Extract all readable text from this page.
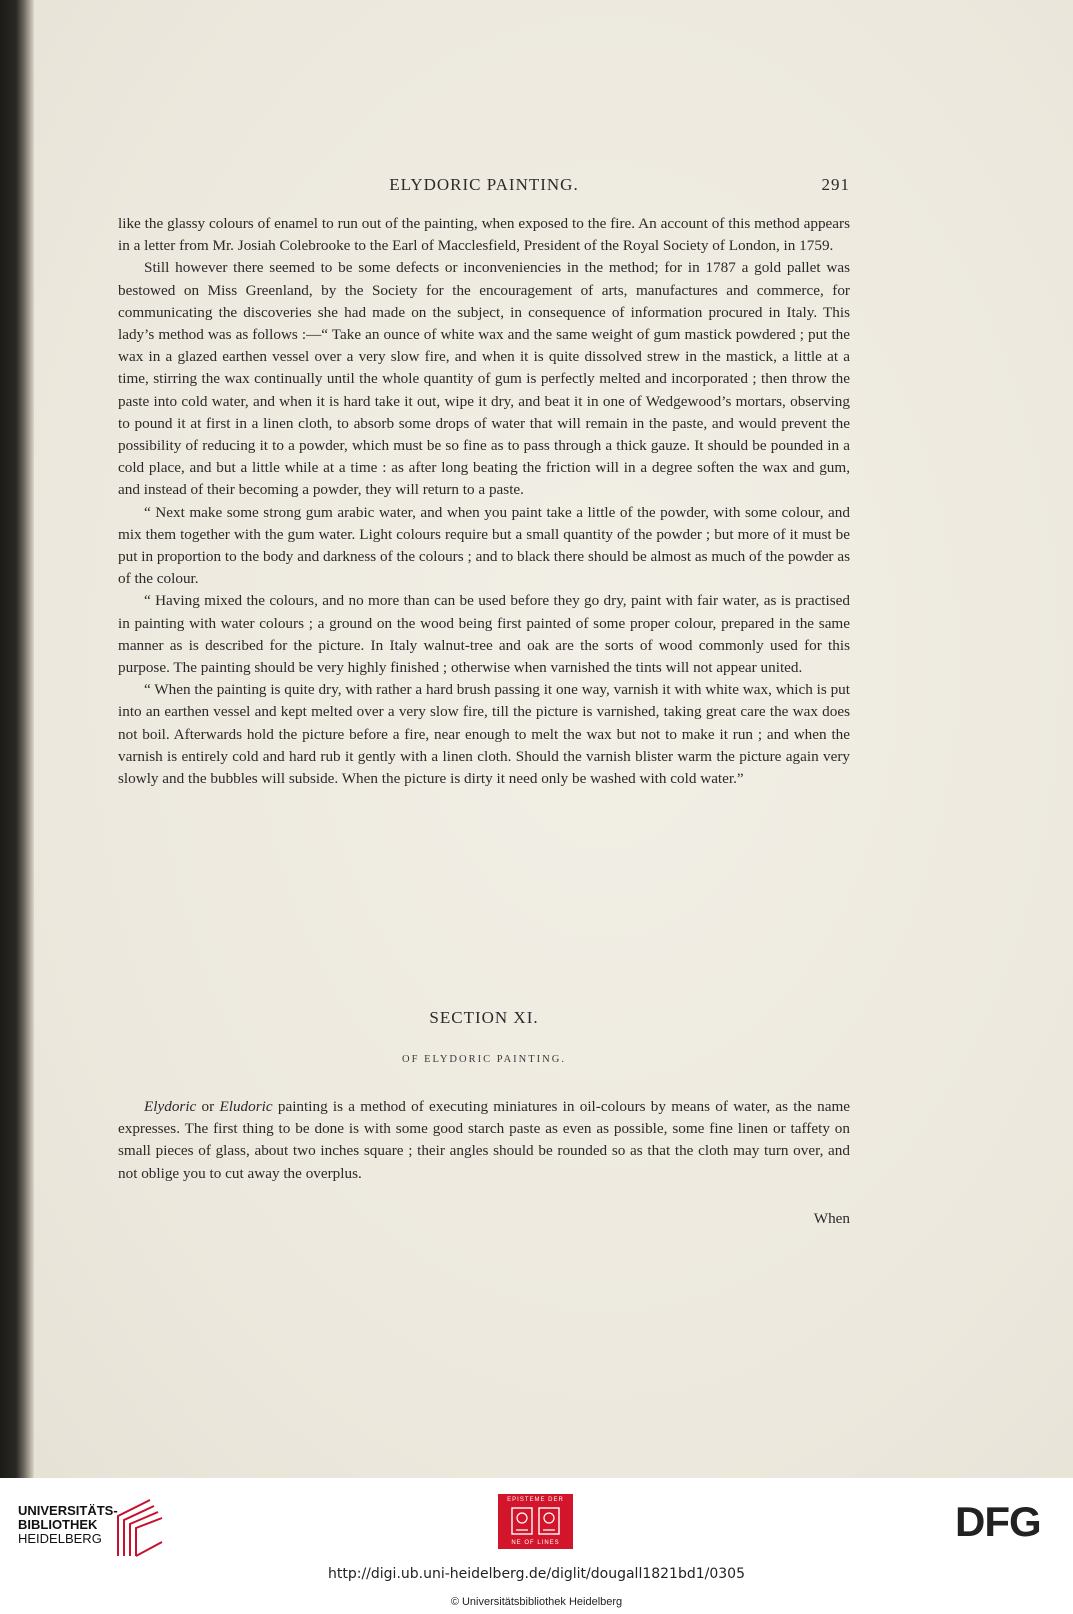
ELYDORIC PAINTING.	291

like the glassy colours of enamel to run out of the painting, when exposed to the fire. An account of this method appears in a letter from Mr. Josiah Colebrooke to the Earl of Macclesfield, President of the Royal Society of London, in 1759.

Still however there seemed to be some defects or inconveniencies in the method; for in 1787 a gold pallet was bestowed on Miss Greenland, by the Society for the encouragement of arts, manufactures and commerce, for communicating the discoveries she had made on the subject, in consequence of information procured in Italy. This lady’s method was as follows :—“ Take an ounce of white wax and the same weight of gum mastick powdered ; put the wax in a glazed earthen vessel over a very slow fire, and when it is quite dissolved strew in the mastick, a little at a time, stirring the wax continually until the whole quantity of gum is perfectly melted and incorporated ; then throw the paste into cold water, and when it is hard take it out, wipe it dry, and beat it in one of Wedgewood’s mortars, observing to pound it at first in a linen cloth, to absorb some drops of water that will remain in the paste, and would prevent the possibility of reducing it to a powder, which must be so fine as to pass through a thick gauze. It should be pounded in a cold place, and but a little while at a time : as after long beating the friction will in a degree soften the wax and gum, and instead of their becoming a powder, they will return to a paste.

“ Next make some strong gum arabic water, and when you paint take a little of the powder, with some colour, and mix them together with the gum water. Light colours require but a small quantity of the powder ; but more of it must be put in proportion to the body and darkness of the colours ; and to black there should be almost as much of the powder as of the colour.

“ Having mixed the colours, and no more than can be used before they go dry, paint with fair water, as is practised in painting with water colours ; a ground on the wood being first painted of some proper colour, prepared in the same manner as is described for the picture. In Italy walnut-tree and oak are the sorts of wood commonly used for this purpose. The painting should be very highly finished ; otherwise when varnished the tints will not appear united.

“ When the painting is quite dry, with rather a hard brush passing it one way, varnish it with white wax, which is put into an earthen vessel and kept melted over a very slow fire, till the picture is varnished, taking great care the wax does not boil. Afterwards hold the picture before a fire, near enough to melt the wax but not to make it run ; and when the varnish is entirely cold and hard rub it gently with a linen cloth. Should the varnish blister warm the picture again very slowly and the bubbles will subside. When the picture is dirty it need only be washed with cold water.”

SECTION XI.
OF ELYDORIC PAINTING.

Elydoric or Eludoric painting is a method of executing miniatures in oil-colours by means of water, as the name expresses. The first thing to be done is with some good starch paste as even as possible, some fine linen or taffety on small pieces of glass, about two inches square ; their angles should be rounded so as that the cloth may turn over, and not oblige you to cut away the overplus.

When
UNIVERSITÄTS-
BIBLIOTHEK
HEIDELBERG
EPISTEME DER
NE OF LINES	DFG
http://digi.ub.uni-heidelberg.de/diglit/dougall1821bd1/0305
© Universitätsbibliothek Heidelberg
